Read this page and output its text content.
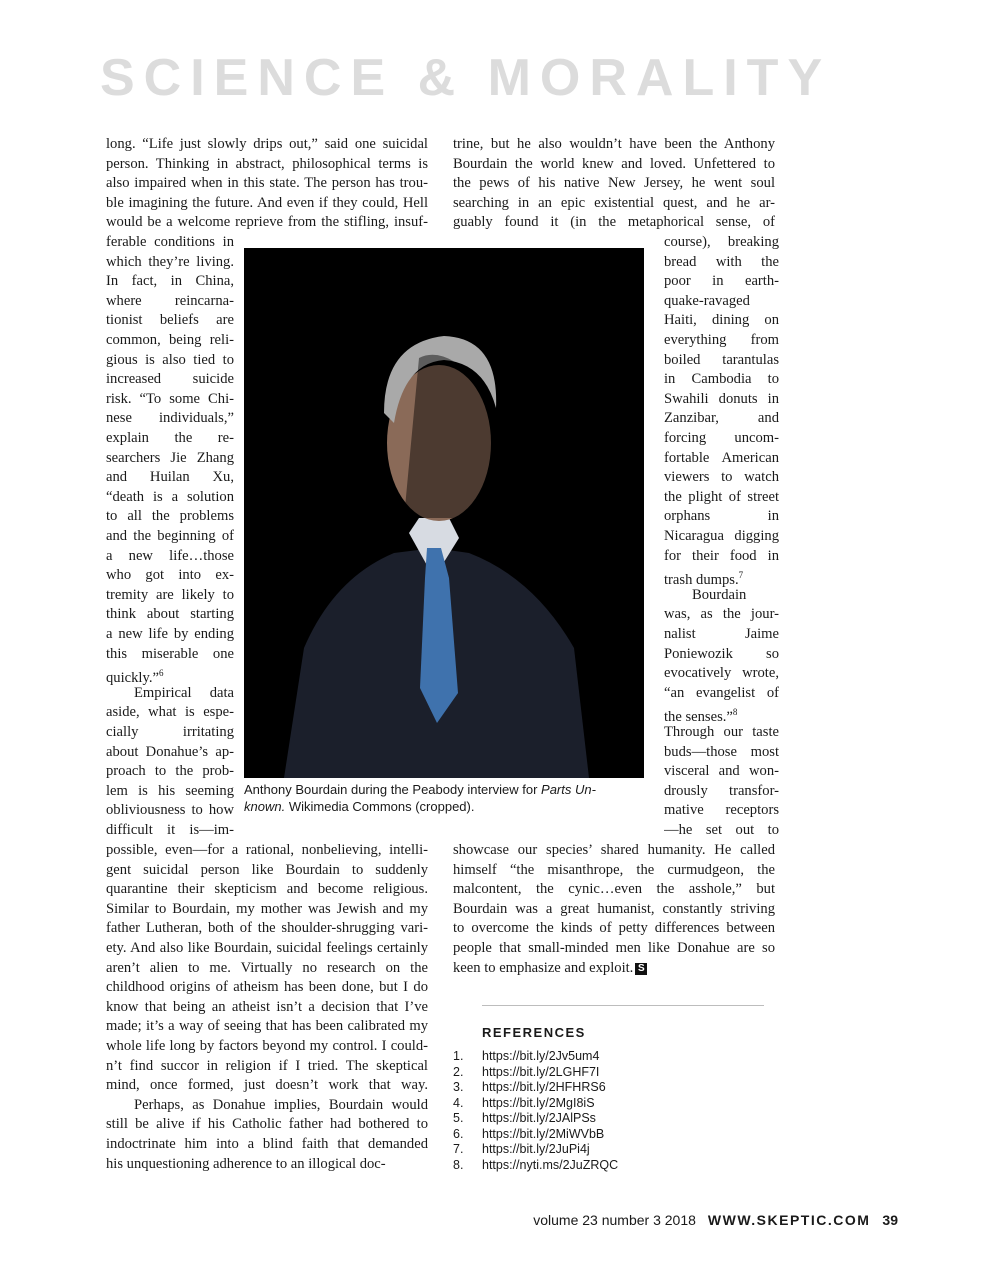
SCIENCE & MORALITY
long. “Life just slowly drips out,” said one suicidal
person. Thinking in abstract, philosophical terms is
also impaired when in this state. The person has trou-
ble imagining the future. And even if they could, Hell
would be a welcome reprieve from the stifling, insuf-
ferable conditions in
which they’re living.
In fact, in China,
where reincarna-
tionist beliefs are
common, being reli-
gious is also tied to
increased suicide
risk. “To some Chi-
nese individuals,”
explain the re-
searchers Jie Zhang
and Huilan Xu,
“death is a solution
to all the problems
and the beginning of
a new life…those
who got into ex-
tremity are likely to
think about starting
a new life by ending
this miserable one
quickly.”$^6$
Empirical data
aside, what is espe-
cially irritating
about Donahue’s ap-
proach to the prob-
lem is his seeming
obliviousness to how
difficult it is—im-
possible, even—for a rational, nonbelieving, intelli-
gent suicidal person like Bourdain to suddenly
quarantine their skepticism and become religious.
Similar to Bourdain, my mother was Jewish and my
father Lutheran, both of the shoulder-shrugging vari-
ety. And also like Bourdain, suicidal feelings certainly
aren’t alien to me. Virtually no research on the
childhood origins of atheism has been done, but I do
know that being an atheist isn’t a decision that I’ve
made; it’s a way of seeing that has been calibrated my
whole life long by factors beyond my control. I could-
n’t find succor in religion if I tried. The skeptical
mind, once formed, just doesn’t work that way.
Perhaps, as Donahue implies, Bourdain would
still be alive if his Catholic father had bothered to
indoctrinate him into a blind faith that demanded
his unquestioning adherence to an illogical doc-
trine, but he also wouldn’t have been the Anthony
Bourdain the world knew and loved. Unfettered to
the pews of his native New Jersey, he went soul
searching in an epic existential quest, and he ar-
guably found it (in the metaphorical sense, of
course), breaking
bread with the
poor in earth-
quake-ravaged
Haiti, dining on
everything from
boiled tarantulas
in Cambodia to
Swahili donuts in
Zanzibar, and
forcing uncom-
fortable American
viewers to watch
the plight of street
orphans in
Nicaragua digging
for their food in
trash dumps.$^7$
Bourdain
was, as the jour-
nalist Jaime
Poniewozik so
evocatively wrote,
“an evangelist of
the senses.”$^8$
Through our taste
buds—those most
visceral and won-
drously transfor-
mative receptors
—he set out to
showcase our species’ shared humanity. He called
himself “the misanthrope, the curmudgeon, the
malcontent, the cynic…even the asshole,” but
Bourdain was a great humanist, constantly striving
to overcome the kinds of petty differences between
people that small-minded men like Donahue are so
keen to emphasize and exploit. S
Anthony Bourdain during the Peabody interview for Parts Un-
known. Wikimedia Commons (cropped).
REFERENCES
1. https://bit.ly/2Jv5um4
2. https://bit.ly/2LGHF7I
3. https://bit.ly/2HFHRS6
4. https://bit.ly/2MgI8iS
5. https://bit.ly/2JAlPSs
6. https://bit.ly/2MiWVbB
7. https://bit.ly/2JuPi4j
8. https://nyti.ms/2JuZRQC
volume 23 number 3 2018 WWW.SKEPTIC.COM 39
